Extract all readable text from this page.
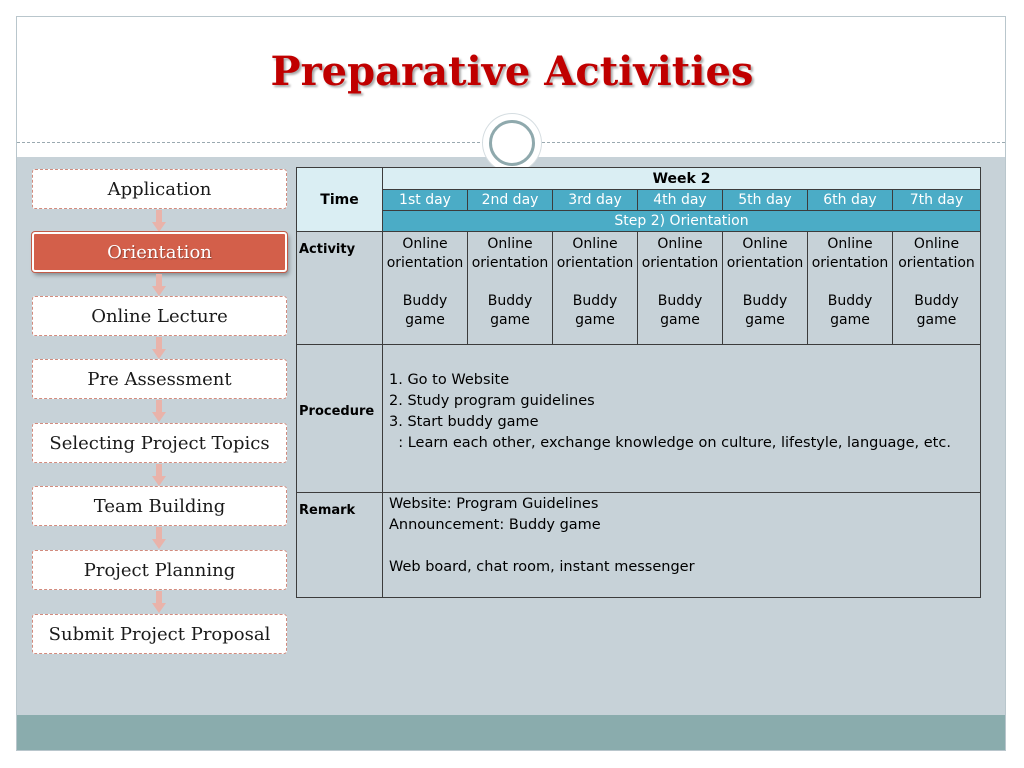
Preparative Activities
Application
Orientation
Online Lecture
Pre Assessment
Selecting Project Topics
Team Building
Project Planning
Submit Project Proposal
Time	Week 2						
	1st day	2nd day	3rd day	4th day	5th day	6th day	7th day
	Step 2) Orientation						
Activity	Online
orientation
Buddy
game	Online
orientation
Buddy
game	Online
orientation
Buddy
game	Online
orientation
Buddy
game	Online
orientation
Buddy
game	Online
orientation
Buddy
game	Online
orientation
Buddy
game

Procedure	1. Go to Website
2. Study program guidelines
3. Start buddy game
: Learn each other, exchange knowledge on culture, lifestyle, language, etc.						

Remark	Website: Program Guidelines
Announcement: Buddy game
Web board, chat room, instant messenger						
